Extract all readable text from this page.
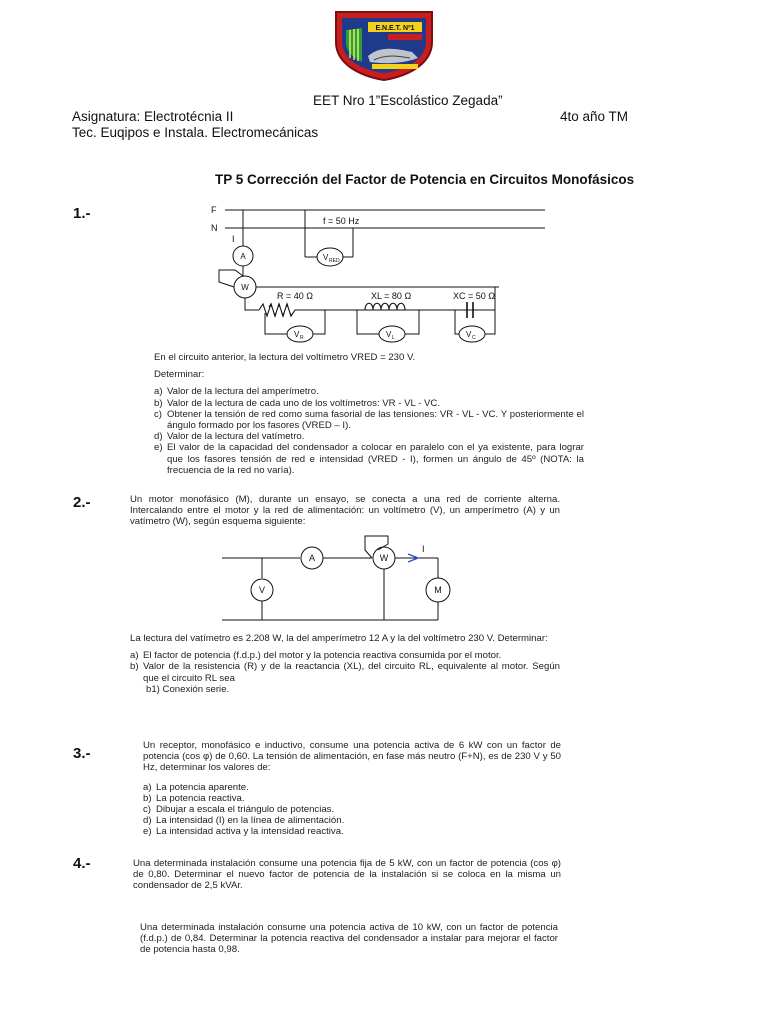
E.N.E.T. Nº1
EET Nro 1”Escolástico Zegada”
Asignatura: Electrotécnia II	4to año TM
Tec. Euqipos e Instala. Electromecánicas
TP 5 Corrección del Factor de Potencia en Circuitos Monofásicos
1.-	F
N
I
f = 50 Hz
A
W
V RED
R = 40 Ω	XL = 80 Ω	XC = 50 Ω
V R	V L	V C

En el circuito anterior, la lectura del voltímetro VRED = 230 V.

Determinar:

a) Valor de la lectura del amperímetro.
b) Valor de la lectura de cada uno de los voltímetros: VR - VL - VC.
c) Obtener la tensión de red como suma fasorial de las tensiones: VR - VL - VC. Y posteriormente el ángulo formado por los fasores (VRED – I).
d) Valor de la lectura del vatímetro.
e) El valor de la capacidad del condensador a colocar en paralelo con el ya existente, para lograr que los fasores tensión de red e intensidad (VRED - I), formen un ángulo de 45º (NOTA: la frecuencia de la red no varía).
2.-	Un motor monofásico (M), durante un ensayo, se conecta a una red de corriente alterna. Intercalando entre el motor y la red de alimentación: un voltímetro (V), un amperímetro (A) y un vatímetro (W), según esquema siguiente:
I
A	W
V	M

La lectura del vatímetro es 2.208 W, la del amperímetro 12 A y la del voltímetro 230 V. Determinar:

a) El factor de potencia (f.d.p.) del motor y la potencia reactiva consumida por el motor.
b) Valor de la resistencia (R) y de la reactancia (XL), del circuito RL, equivalente al motor. Según que el circuito RL sea

b1) Conexión serie.

3.-	Un receptor, monofásico e inductivo, consume una potencia activa de 6 kW con un factor de potencia (cos φ) de 0,60. La tensión de alimentación, en fase más neutro (F+N), es de 230 V y 50 Hz, determinar los valores de:

a) La potencia aparente.
b) La potencia reactiva.
c) Dibujar a escala el triángulo de potencias.
d) La intensidad (I) en la línea de alimentación.
e) La intensidad activa y la intensidad reactiva.
4.-	Una determinada instalación consume una potencia fija de 5 kW, con un factor de potencia (cos φ) de 0,80. Determinar el nuevo factor de potencia de la instalación si se coloca en la misma un condensador de 2,5 kVAr.
Una determinada instalación consume una potencia activa de 10 kW, con un factor de potencia (f.d.p.) de 0,84. Determinar la potencia reactiva del condensador a instalar para mejorar el factor de potencia hasta 0,98.
